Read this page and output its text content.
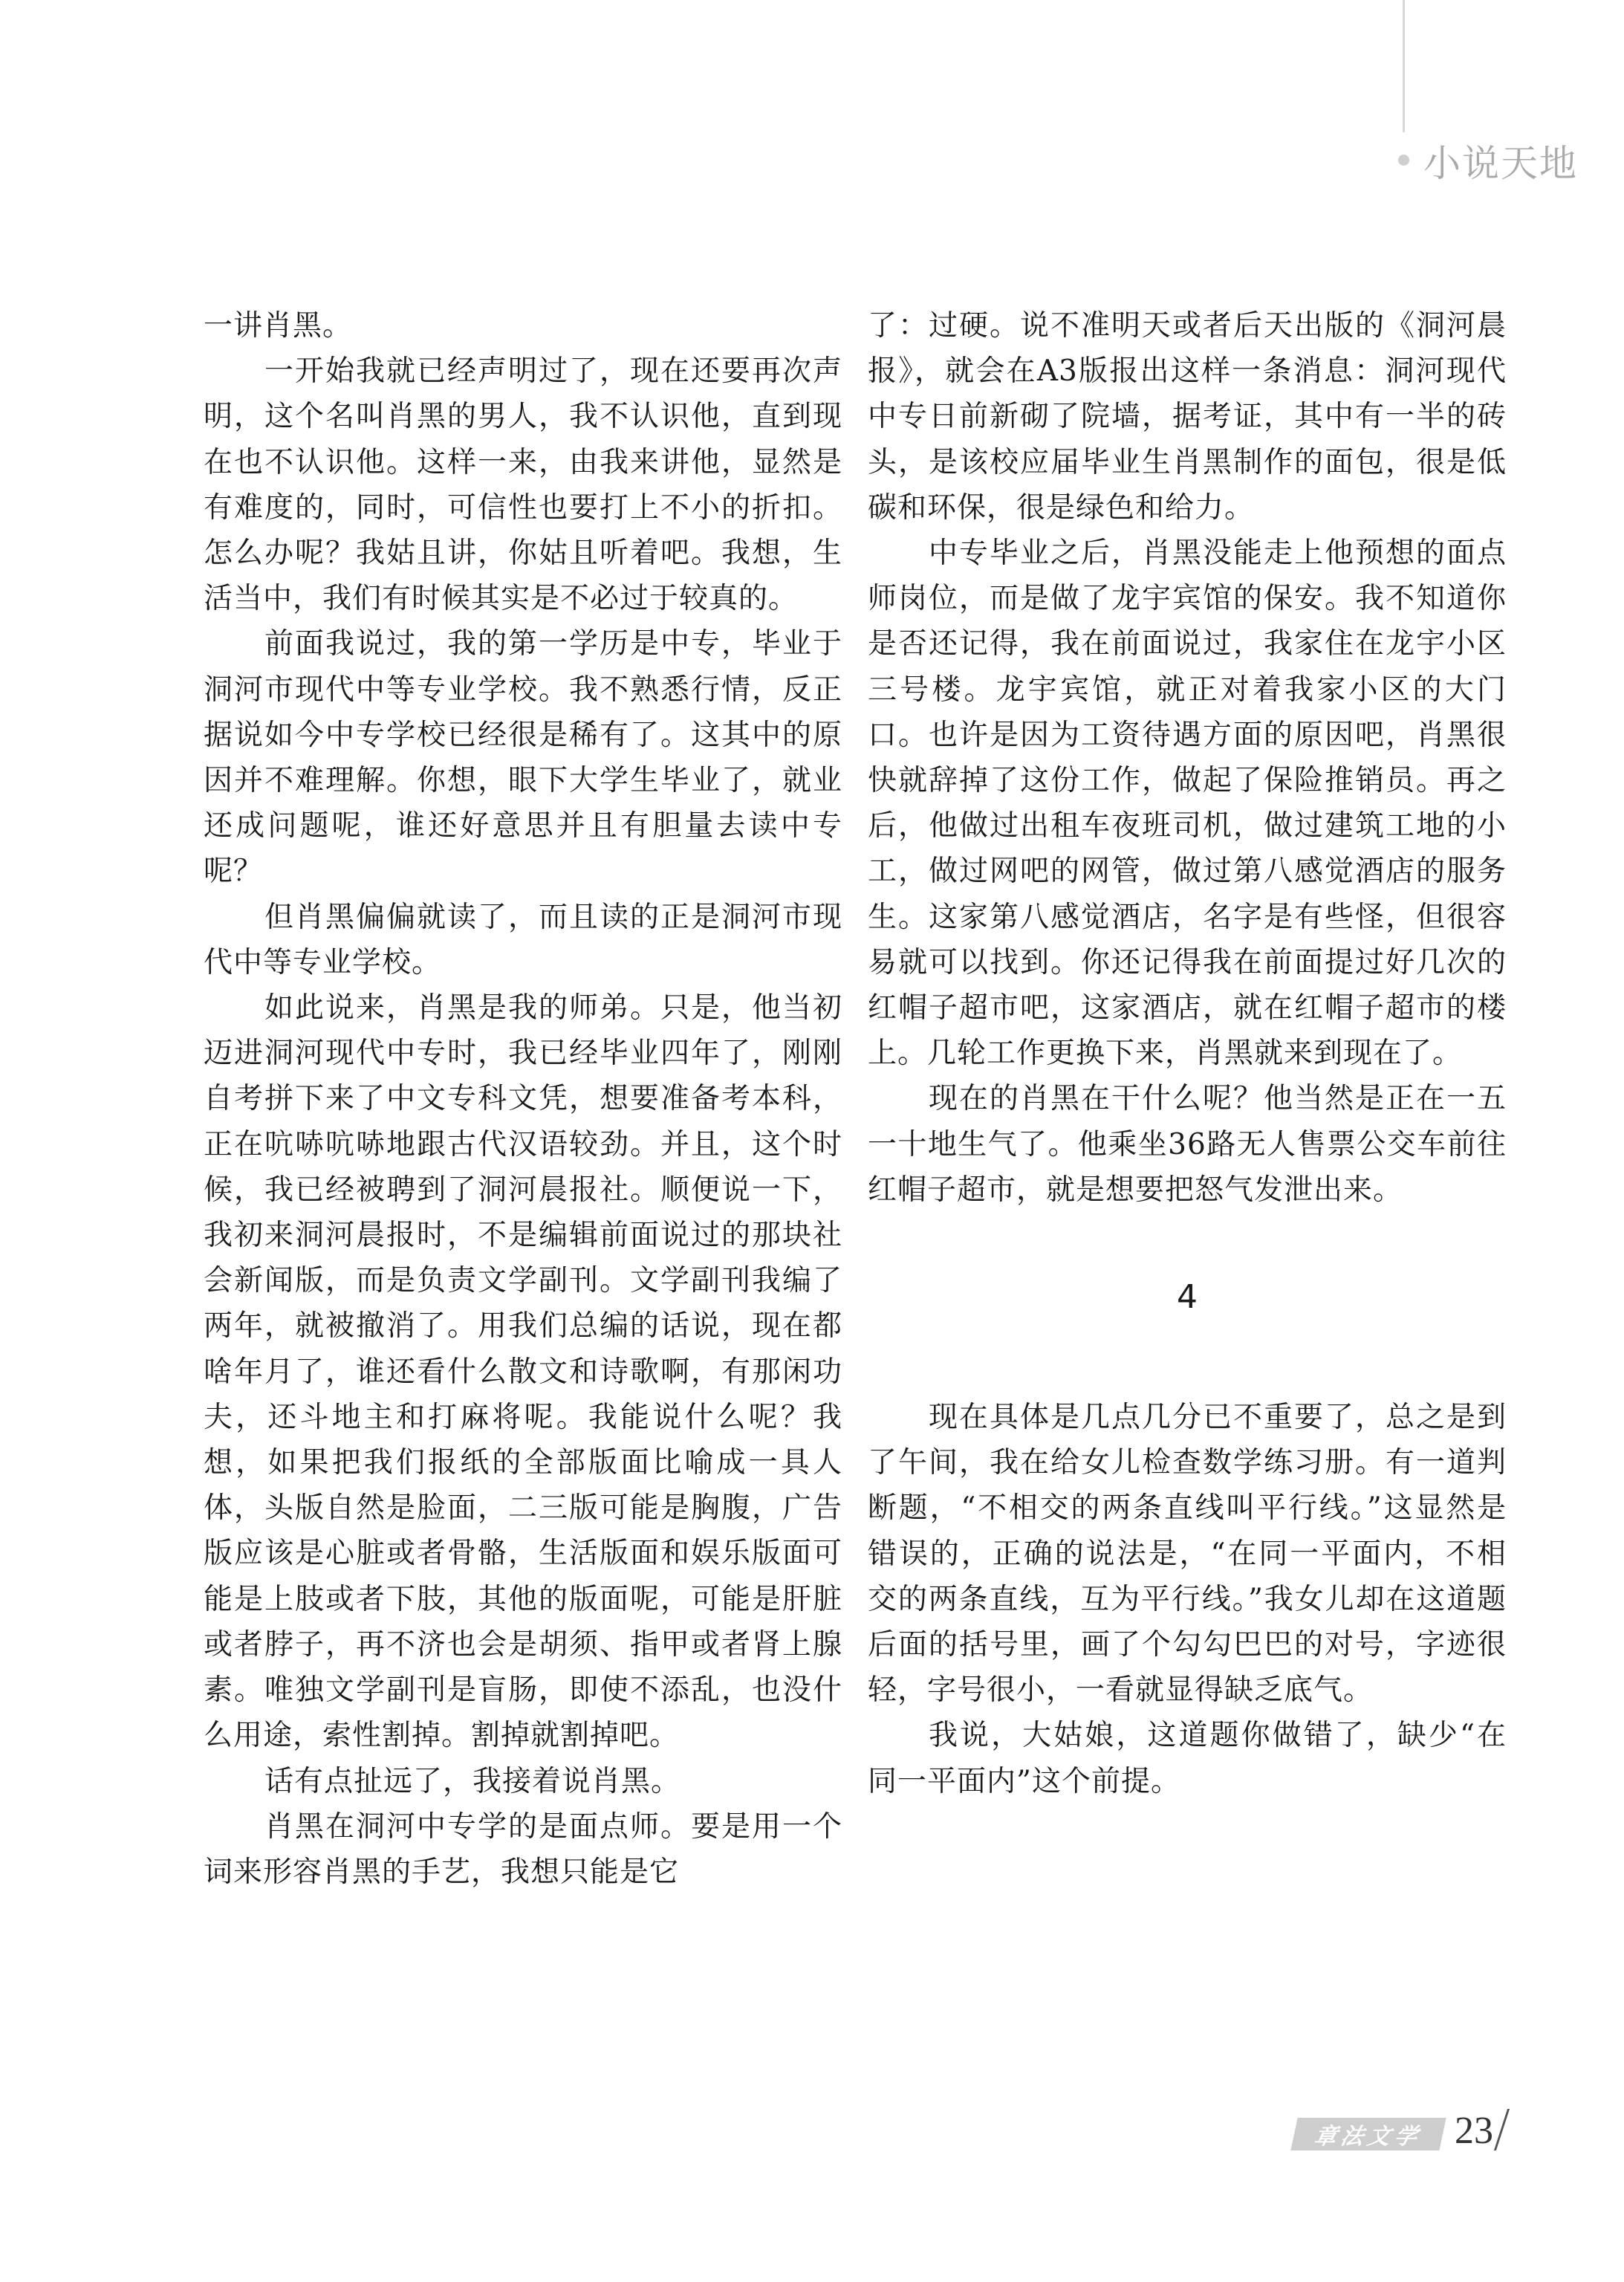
小说天地

一讲肖黑。

一开始我就已经声明过了，现在还要再次声明，这个名叫肖黑的男人，我不认识他，直到现在也不认识他。这样一来，由我来讲他，显然是有难度的，同时，可信性也要打上不小的折扣。怎么办呢？我姑且讲，你姑且听着吧。我想，生活当中，我们有时候其实是不必过于较真的。

前面我说过，我的第一学历是中专，毕业于洞河市现代中等专业学校。我不熟悉行情，反正据说如今中专学校已经很是稀有了。这其中的原因并不难理解。你想，眼下大学生毕业了，就业还成问题呢，谁还好意思并且有胆量去读中专呢？

但肖黑偏偏就读了，而且读的正是洞河市现代中等专业学校。

如此说来，肖黑是我的师弟。只是，他当初迈进洞河现代中专时，我已经毕业四年了，刚刚自考拼下来了中文专科文凭，想要准备考本科，正在吭哧吭哧地跟古代汉语较劲。并且，这个时候，我已经被聘到了洞河晨报社。顺便说一下，我初来洞河晨报时，不是编辑前面说过的那块社会新闻版，而是负责文学副刊。文学副刊我编了两年，就被撤消了。用我们总编的话说，现在都啥年月了，谁还看什么散文和诗歌啊，有那闲功夫，还斗地主和打麻将呢。我能说什么呢？我想，如果把我们报纸的全部版面比喻成一具人体，头版自然是脸面，二三版可能是胸腹，广告版应该是心脏或者骨骼，生活版面和娱乐版面可能是上肢或者下肢，其他的版面呢，可能是肝脏或者脖子，再不济也会是胡须、指甲或者肾上腺素。唯独文学副刊是盲肠，即使不添乱，也没什么用途，索性割掉。割掉就割掉吧。

话有点扯远了，我接着说肖黑。

肖黑在洞河中专学的是面点师。要是用一个词来形容肖黑的手艺，我想只能是它

了：过硬。说不准明天或者后天出版的《洞河晨报》，就会在A3版报出这样一条消息：洞河现代中专日前新砌了院墙，据考证，其中有一半的砖头，是该校应届毕业生肖黑制作的面包，很是低碳和环保，很是绿色和给力。

中专毕业之后，肖黑没能走上他预想的面点师岗位，而是做了龙宇宾馆的保安。我不知道你是否还记得，我在前面说过，我家住在龙宇小区三号楼。龙宇宾馆，就正对着我家小区的大门口。也许是因为工资待遇方面的原因吧，肖黑很快就辞掉了这份工作，做起了保险推销员。再之后，他做过出租车夜班司机，做过建筑工地的小工，做过网吧的网管，做过第八感觉酒店的服务生。这家第八感觉酒店，名字是有些怪，但很容易就可以找到。你还记得我在前面提过好几次的红帽子超市吧，这家酒店，就在红帽子超市的楼上。几轮工作更换下来，肖黑就来到现在了。

现在的肖黑在干什么呢？他当然是正在一五一十地生气了。他乘坐36路无人售票公交车前往红帽子超市，就是想要把怒气发泄出来。

4

现在具体是几点几分已不重要了，总之是到了午间，我在给女儿检查数学练习册。有一道判断题，“不相交的两条直线叫平行线。”这显然是错误的，正确的说法是，“在同一平面内，不相交的两条直线，互为平行线。”我女儿却在这道题后面的括号里，画了个勾勾巴巴的对号，字迹很轻，字号很小，一看就显得缺乏底气。

我说，大姑娘，这道题你做错了，缺少“在同一平面内”这个前提。

章法文学 23
